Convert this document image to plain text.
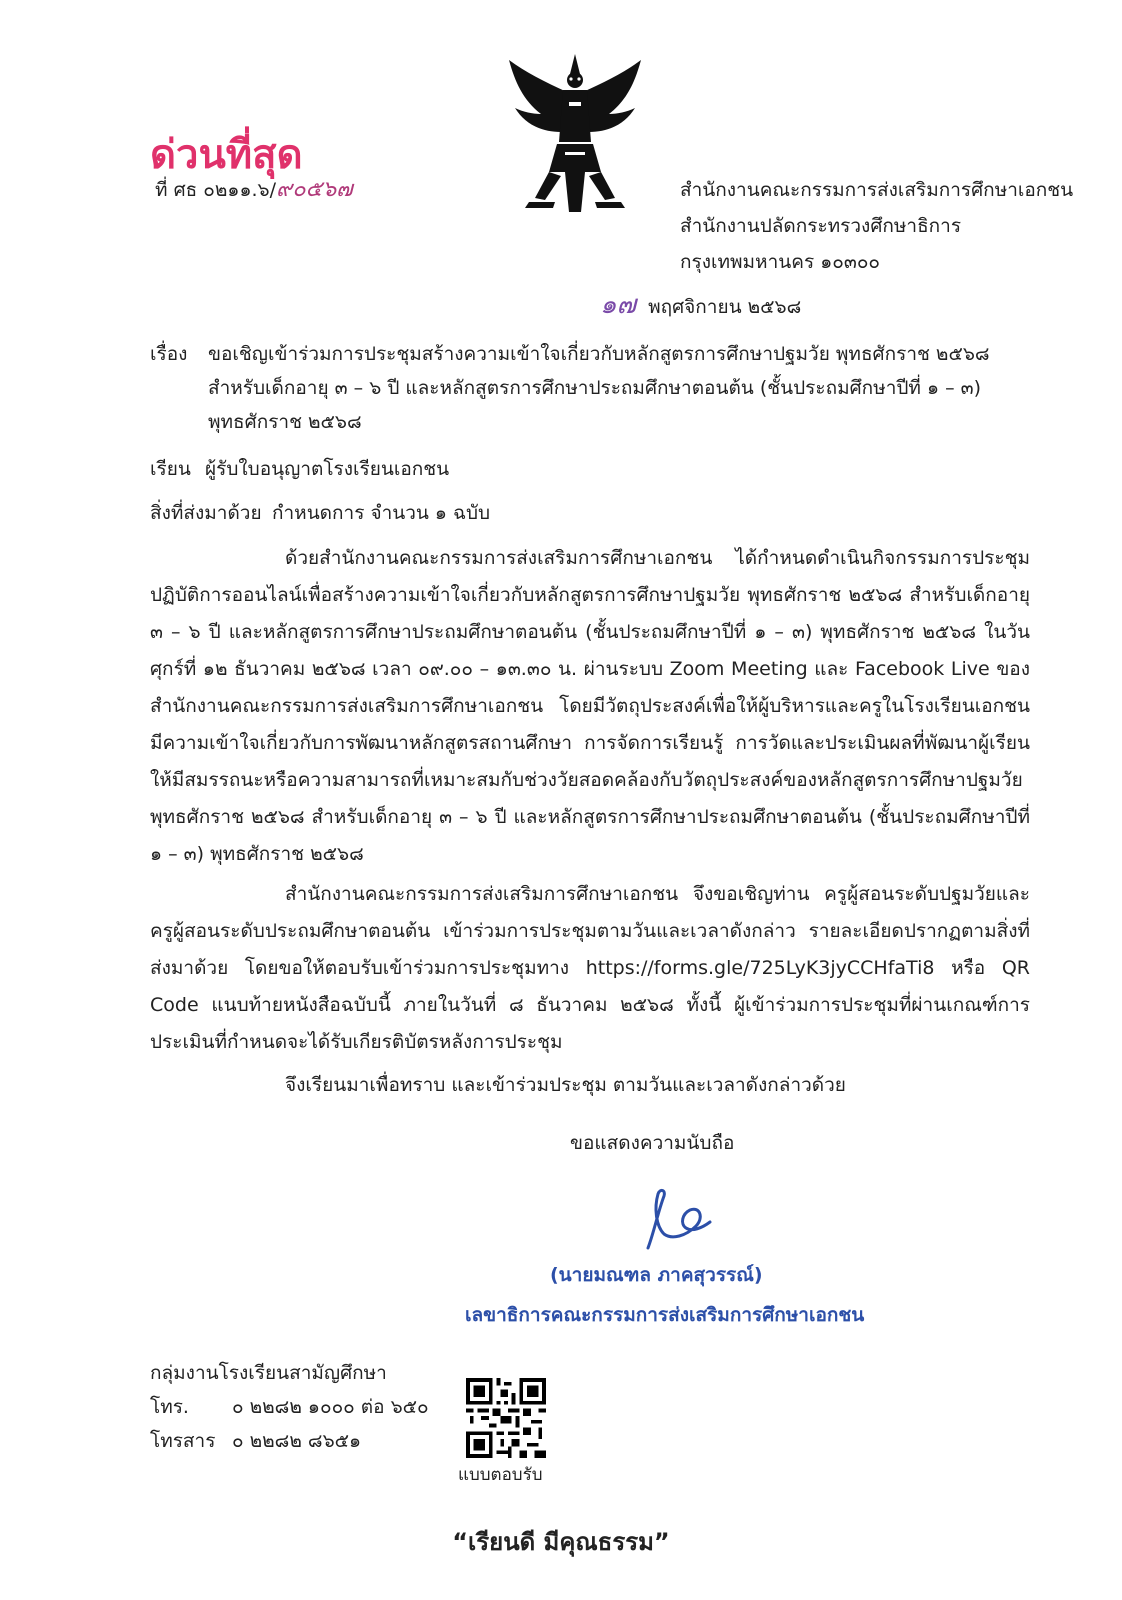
ด่วนที่สุด
ที่ ศธ ๐๒๑๑.๖/๙๐๕๖๗	สำนักงานคณะกรรมการส่งเสริมการศึกษาเอกชน
สำนักงานปลัดกระทรวงศึกษาธิการ
กรุงเทพมหานคร ๑๐๓๐๐
๑๗ พฤศจิกายน ๒๕๖๘
เรื่อง ขอเชิญเข้าร่วมการประชุมสร้างความเข้าใจเกี่ยวกับหลักสูตรการศึกษาปฐมวัย พุทธศักราช ๒๕๖๘
สำหรับเด็กอายุ ๓ – ๖ ปี และหลักสูตรการศึกษาประถมศึกษาตอนต้น (ชั้นประถมศึกษาปีที่ ๑ – ๓)
พุทธศักราช ๒๕๖๘
เรียน ผู้รับใบอนุญาตโรงเรียนเอกชน
สิ่งที่ส่งมาด้วย กำหนดการ จำนวน ๑ ฉบับ
ด้วยสำนักงานคณะกรรมการส่งเสริมการศึกษาเอกชน ได้กำหนดดำเนินกิจกรรมการประชุมปฏิบัติการออนไลน์เพื่อสร้างความเข้าใจเกี่ยวกับหลักสูตรการศึกษาปฐมวัย พุทธศักราช ๒๕๖๘ สำหรับเด็กอายุ ๓ – ๖ ปี และหลักสูตรการศึกษาประถมศึกษาตอนต้น (ชั้นประถมศึกษาปีที่ ๑ – ๓) พุทธศักราช ๒๕๖๘ ในวันศุกร์ที่ ๑๒ ธันวาคม ๒๕๖๘ เวลา ๐๙.๐๐ – ๑๓.๓๐ น. ผ่านระบบ Zoom Meeting และ Facebook Live ของสำนักงานคณะกรรมการส่งเสริมการศึกษาเอกชน โดยมีวัตถุประสงค์เพื่อให้ผู้บริหารและครูในโรงเรียนเอกชนมีความเข้าใจเกี่ยวกับการพัฒนาหลักสูตรสถานศึกษา การจัดการเรียนรู้ การวัดและประเมินผลที่พัฒนาผู้เรียนให้มีสมรรถนะหรือความสามารถที่เหมาะสมกับช่วงวัยสอดคล้องกับวัตถุประสงค์ของหลักสูตรการศึกษาปฐมวัย พุทธศักราช ๒๕๖๘ สำหรับเด็กอายุ ๓ – ๖ ปี และหลักสูตรการศึกษาประถมศึกษาตอนต้น (ชั้นประถมศึกษาปีที่ ๑ – ๓) พุทธศักราช ๒๕๖๘
สำนักงานคณะกรรมการส่งเสริมการศึกษาเอกชน จึงขอเชิญท่าน ครูผู้สอนระดับปฐมวัยและครูผู้สอนระดับประถมศึกษาตอนต้น เข้าร่วมการประชุมตามวันและเวลาดังกล่าว รายละเอียดปรากฏตามสิ่งที่ส่งมาด้วย โดยขอให้ตอบรับเข้าร่วมการประชุมทาง https://forms.gle/725LyK3jyCCHfaTi8 หรือ QR Code แนบท้ายหนังสือฉบับนี้ ภายในวันที่ ๘ ธันวาคม ๒๕๖๘ ทั้งนี้ ผู้เข้าร่วมการประชุมที่ผ่านเกณฑ์การประเมินที่กำหนดจะได้รับเกียรติบัตรหลังการประชุม
จึงเรียนมาเพื่อทราบ และเข้าร่วมประชุม ตามวันและเวลาดังกล่าวด้วย
ขอแสดงความนับถือ
(นายมณฑล ภาคสุวรรณ์)
เลขาธิการคณะกรรมการส่งเสริมการศึกษาเอกชน
กลุ่มงานโรงเรียนสามัญศึกษา
โทร. ๐ ๒๒๘๒ ๑๐๐๐ ต่อ ๖๕๐
โทรสาร ๐ ๒๒๘๒ ๘๖๕๑
แบบตอบรับ
“เรียนดี มีคุณธรรม”
